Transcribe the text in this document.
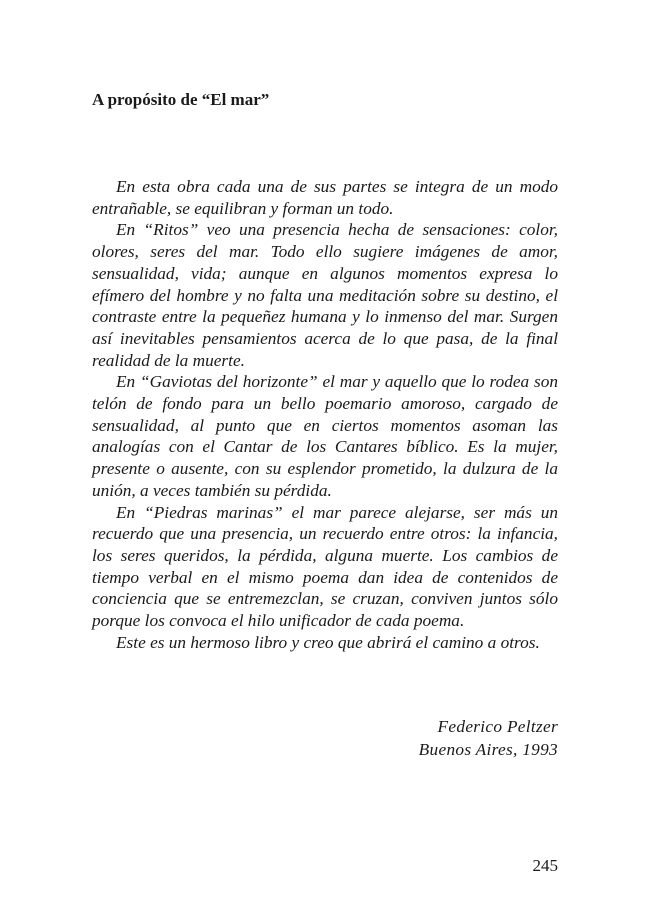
A propósito de “El mar”

En esta obra cada una de sus partes se integra de un modo entrañable, se equilibran y forman un todo.

En “Ritos” veo una presencia hecha de sensaciones: color, olores, seres del mar. Todo ello sugiere imágenes de amor, sensualidad, vida; aunque en algunos momentos expresa lo efímero del hombre y no falta una meditación sobre su destino, el contraste entre la pequeñez humana y lo inmenso del mar. Surgen así inevitables pensamientos acerca de lo que pasa, de la final realidad de la muerte.

En “Gaviotas del horizonte” el mar y aquello que lo rodea son telón de fondo para un bello poemario amoroso, cargado de sensualidad, al punto que en ciertos momentos asoman las analogías con el Cantar de los Cantares bíblico. Es la mujer, presente o ausente, con su esplendor prometido, la dulzura de la unión, a veces también su pérdida.

En “Piedras marinas” el mar parece alejarse, ser más un recuerdo que una presencia, un recuerdo entre otros: la infancia, los seres queridos, la pérdida, alguna muerte. Los cambios de tiempo verbal en el mismo poema dan idea de contenidos de conciencia que se entremezclan, se cruzan, conviven juntos sólo porque los convoca el hilo unificador de cada poema.

Este es un hermoso libro y creo que abrirá el camino a otros.

Federico Peltzer
Buenos Aires, 1993
245
